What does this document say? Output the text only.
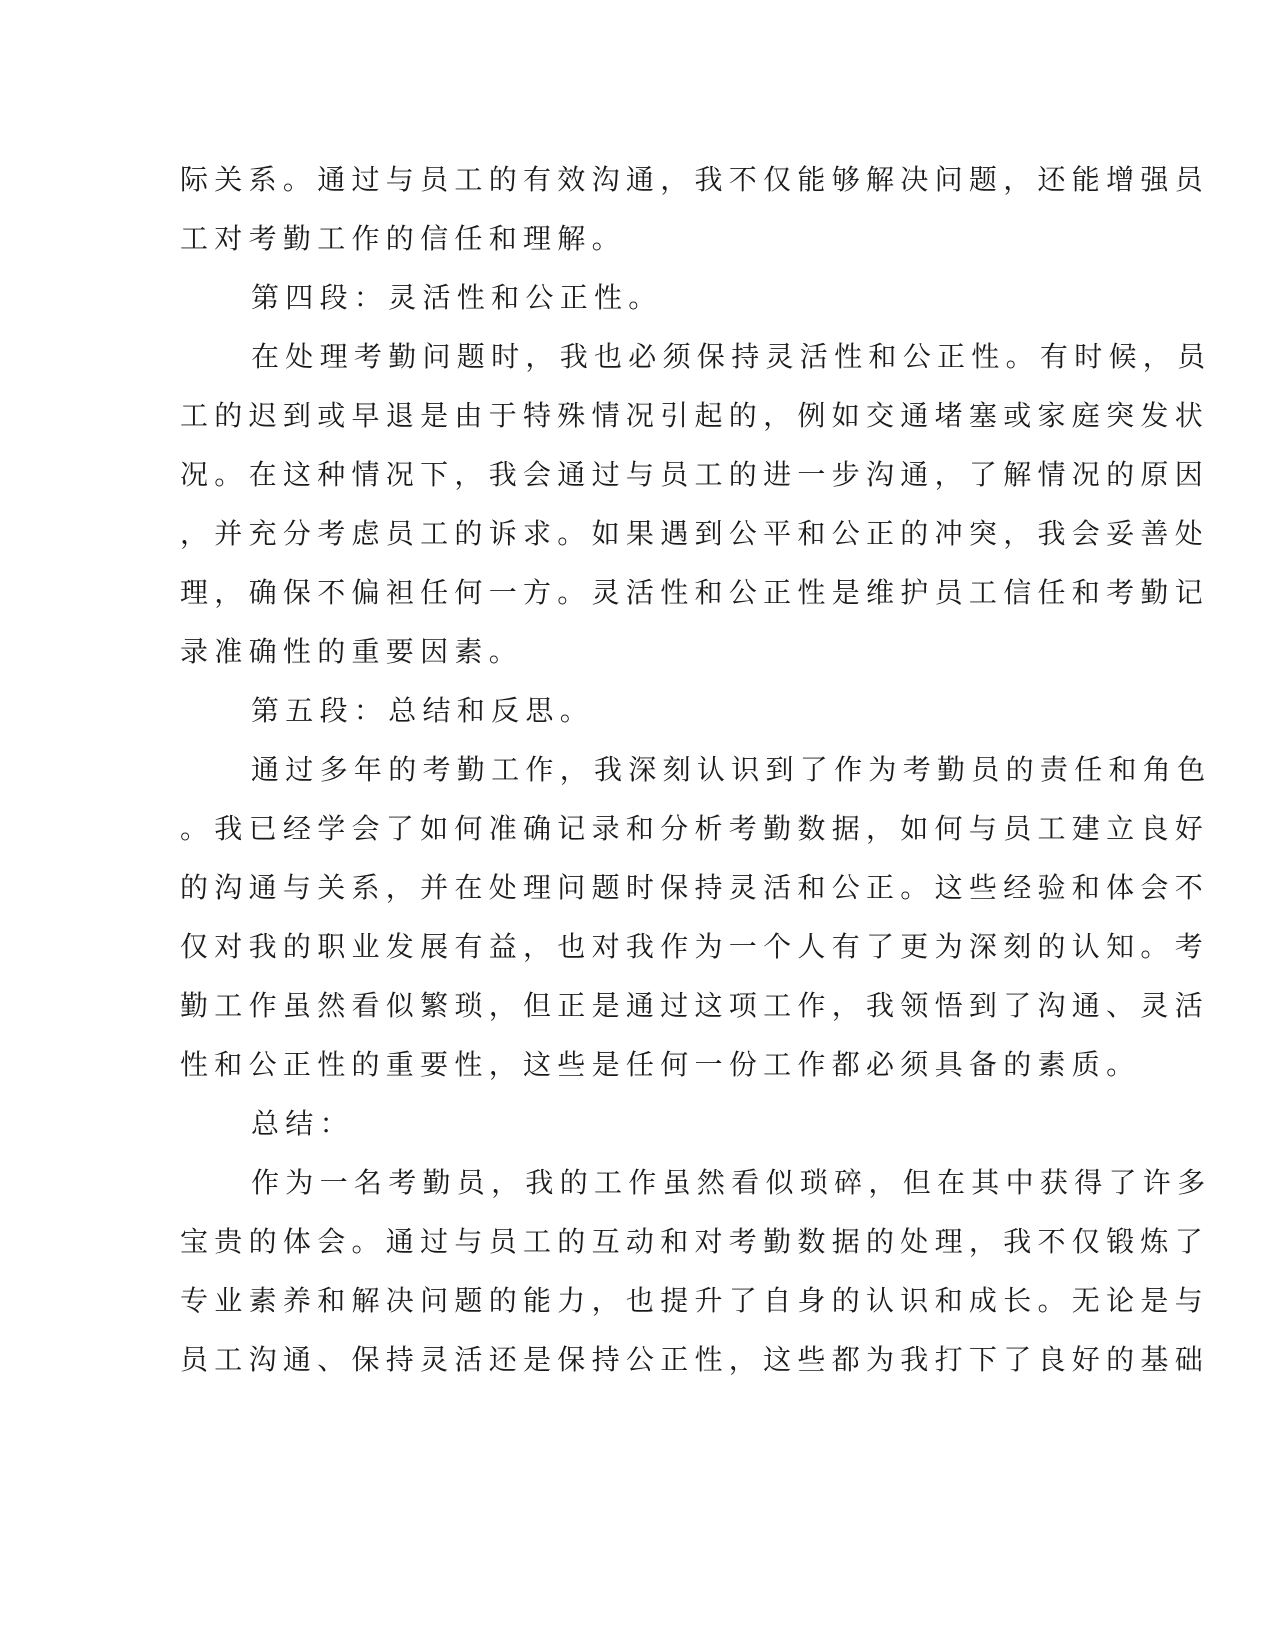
际关系。通过与员工的有效沟通，我不仅能够解决问题，还能增强员
工对考勤工作的信任和理解。
第四段：灵活性和公正性。
在处理考勤问题时，我也必须保持灵活性和公正性。有时候，员
工的迟到或早退是由于特殊情况引起的，例如交通堵塞或家庭突发状
况。在这种情况下，我会通过与员工的进一步沟通，了解情况的原因
，并充分考虑员工的诉求。如果遇到公平和公正的冲突，我会妥善处
理，确保不偏袒任何一方。灵活性和公正性是维护员工信任和考勤记
录准确性的重要因素。
第五段：总结和反思。
通过多年的考勤工作，我深刻认识到了作为考勤员的责任和角色
。我已经学会了如何准确记录和分析考勤数据，如何与员工建立良好
的沟通与关系，并在处理问题时保持灵活和公正。这些经验和体会不
仅对我的职业发展有益，也对我作为一个人有了更为深刻的认知。考
勤工作虽然看似繁琐，但正是通过这项工作，我领悟到了沟通、灵活
性和公正性的重要性，这些是任何一份工作都必须具备的素质。
总结：
作为一名考勤员，我的工作虽然看似琐碎，但在其中获得了许多
宝贵的体会。通过与员工的互动和对考勤数据的处理，我不仅锻炼了
专业素养和解决问题的能力，也提升了自身的认识和成长。无论是与
员工沟通、保持灵活还是保持公正性，这些都为我打下了良好的基础
